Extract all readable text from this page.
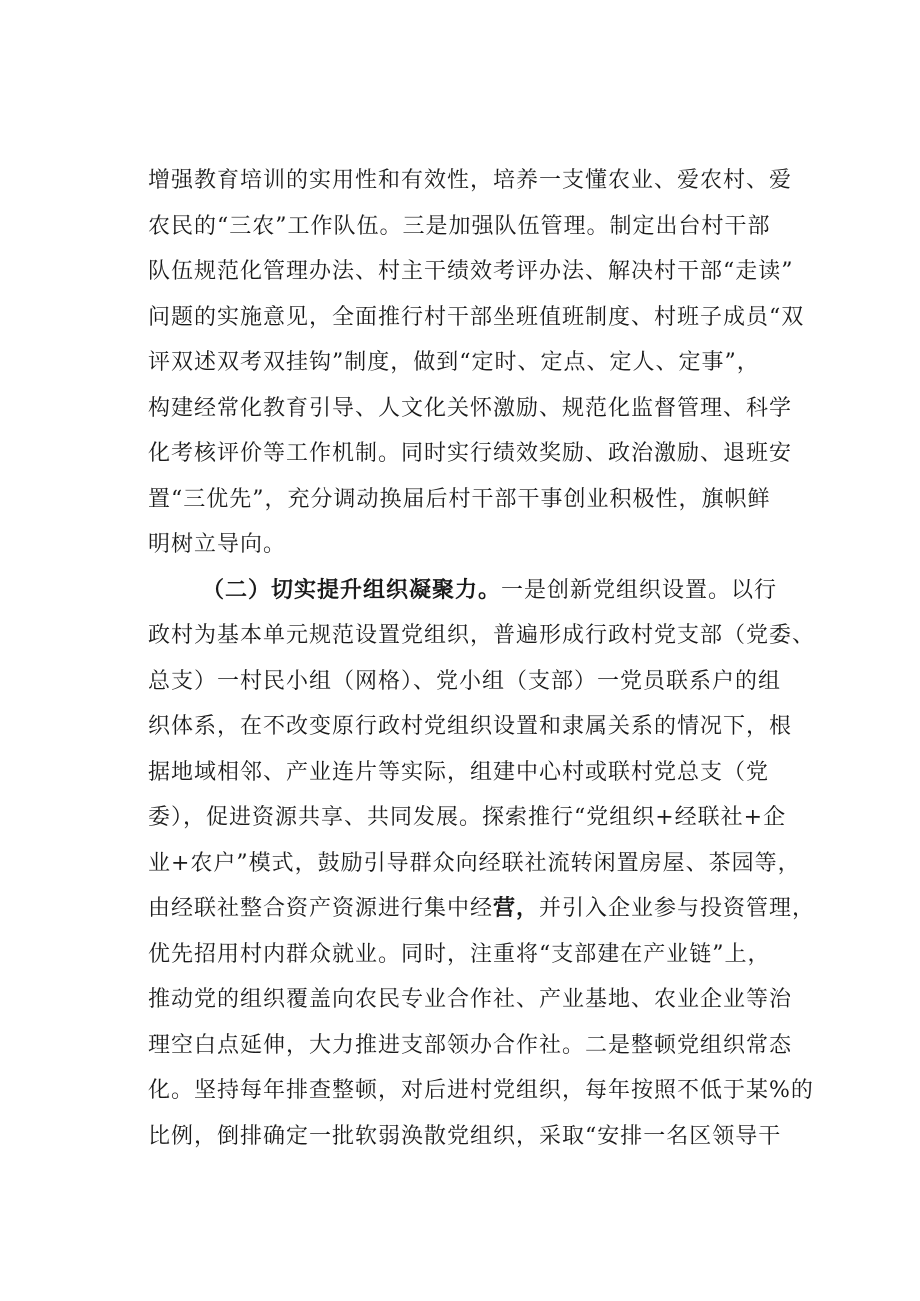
增强教育培训的实用性和有效性，培养一支懂农业、爱农村、爱
农民的“三农”工作队伍。三是加强队伍管理。制定出台村干部
队伍规范化管理办法、村主干绩效考评办法、解决村干部“走读”
问题的实施意见，全面推行村干部坐班值班制度、村班子成员“双
评双述双考双挂钩”制度，做到“定时、定点、定人、定事”，
构建经常化教育引导、人文化关怀激励、规范化监督管理、科学
化考核评价等工作机制。同时实行绩效奖励、政治激励、退班安
置“三优先”，充分调动换届后村干部干事创业积极性，旗帜鲜
明树立导向。
（二）切实提升组织凝聚力。一是创新党组织设置。以行
政村为基本单元规范设置党组织，普遍形成行政村党支部（党委、
总支）一村民小组（网格）、党小组（支部）一党员联系户的组
织体系，在不改变原行政村党组织设置和隶属关系的情况下，根
据地域相邻、产业连片等实际，组建中心村或联村党总支（党
委），促进资源共享、共同发展。探索推行“党组织+经联社+企
业+农户”模式，鼓励引导群众向经联社流转闲置房屋、茶园等，
由经联社整合资产资源进行集中经营，并引入企业参与投资管理，
优先招用村内群众就业。同时，注重将“支部建在产业链”上，
推动党的组织覆盖向农民专业合作社、产业基地、农业企业等治
理空白点延伸，大力推进支部领办合作社。二是整顿党组织常态
化。坚持每年排查整顿，对后进村党组织，每年按照不低于某%的
比例，倒排确定一批软弱涣散党组织，采取“安排一名区领导干
